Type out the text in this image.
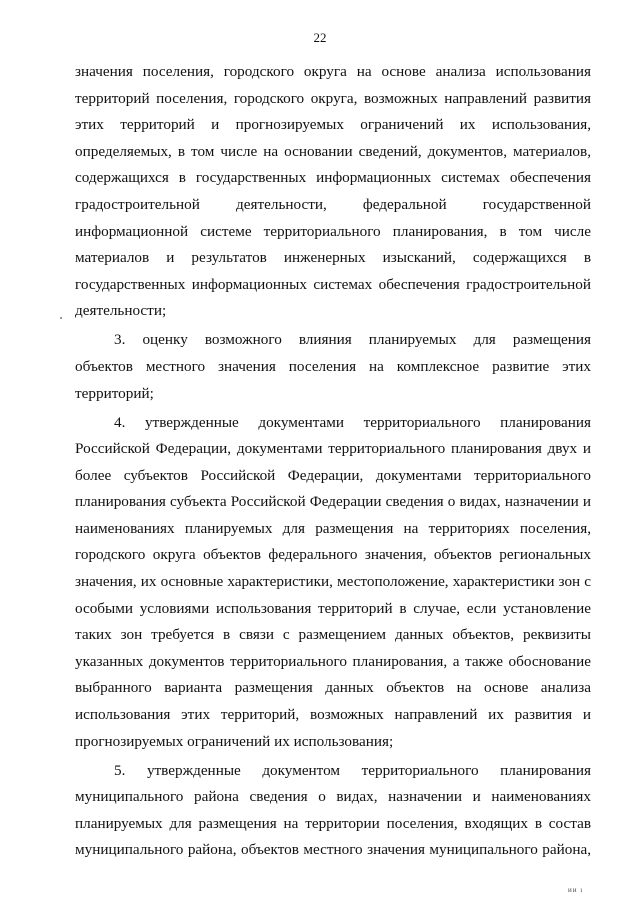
22
значения поселения, городского округа на основе анализа использования
территорий поселения, городского округа, возможных направлений развития
этих территорий и прогнозируемых ограничений их использования,
определяемых, в том числе на основании сведений, документов, материалов,
содержащихся в государственных информационных системах обеспечения
градостроительной деятельности, федеральной государственной
информационной системе территориального планирования, в том числе
материалов и результатов инженерных изысканий, содержащихся в
государственных информационных системах обеспечения градостроительной
деятельности;
3. оценку возможного влияния планируемых для размещения
объектов местного значения поселения на комплексное развитие этих
территорий;
4. утвержденные документами территориального планирования
Российской Федерации, документами территориального планирования двух и
более субъектов Российской Федерации, документами территориального
планирования субъекта Российской Федерации сведения о видах, назначении и
наименованиях планируемых для размещения на территориях поселения,
городского округа объектов федерального значения, объектов региональных
значения, их основные характеристики, местоположение, характеристики зон с
особыми условиями использования территорий в случае, если установление
таких зон требуется в связи с размещением данных объектов, реквизиты
указанных документов территориального планирования, а также обоснование
выбранного варианта размещения данных объектов на основе анализа
использования этих территорий, возможных направлений их развития и
прогнозируемых ограничений их использования;
5. утвержденные документом территориального планирования
муниципального района сведения о видах, назначении и наименованиях
планируемых для размещения на территории поселения, входящих в состав
муниципального района, объектов местного значения муниципального района,
ии ı
